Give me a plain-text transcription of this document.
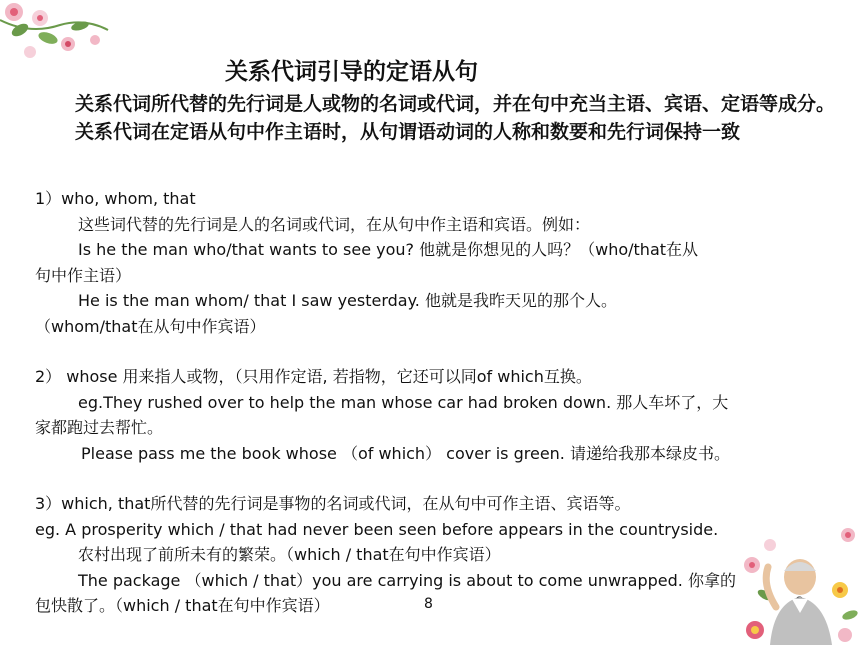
关系代词引导的定语从句
关系代词所代替的先行词是人或物的名词或代词，并在句中充当主语、宾语、定语等成分。关系代词在定语从句中作主语时，从句谓语动词的人称和数要和先行词保持一致

1）who, whom, that

这些词代替的先行词是人的名词或代词，在从句中作主语和宾语。例如：

Is he the man who/that wants to see you? 他就是你想见的人吗？（who/that在从

句中作主语）

He is the man whom/ that I saw yesterday. 他就是我昨天见的那个人。

（whom/that在从句中作宾语）

2） whose 用来指人或物，（只用作定语, 若指物，它还可以同of which互换。

eg.They rushed over to help the man whose car had broken down. 那人车坏了，大

家都跑过去帮忙。

Please pass me the book whose （of which） cover is green. 请递给我那本绿皮书。

3）which, that所代替的先行词是事物的名词或代词，在从句中可作主语、宾语等。

eg. A prosperity which / that had never been seen before appears in the countryside.

农村出现了前所未有的繁荣。（which / that在句中作宾语）

The package （which / that）you are carrying is about to come unwrapped. 你拿的

包快散了。（which / that在句中作宾语）	8
